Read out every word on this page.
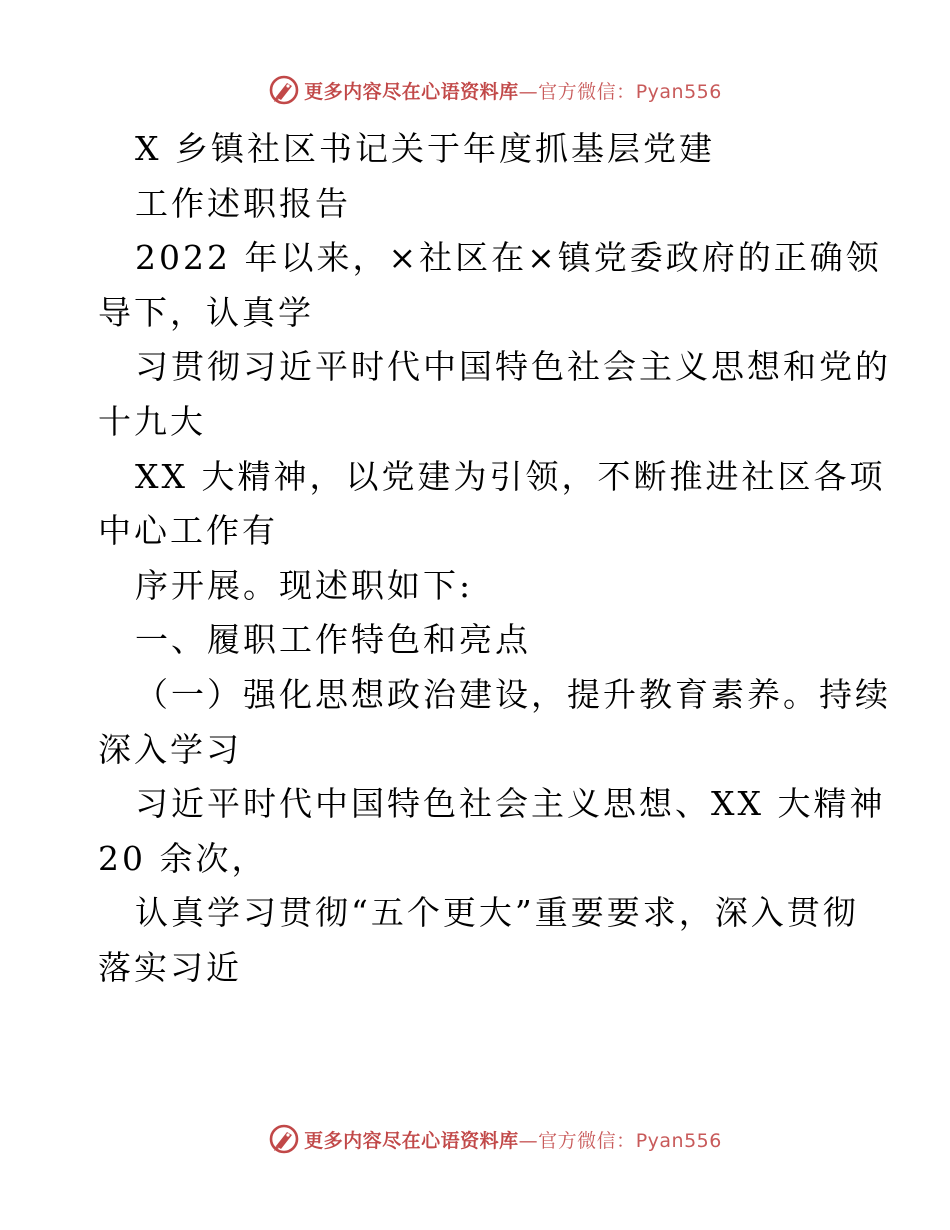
更多内容尽在心语资料库—官方微信：Pyan556
X 乡镇社区书记关于年度抓基层党建
工作述职报告
2022 年以来，×社区在×镇党委政府的正确领
导下，认真学
习贯彻习近平时代中国特色社会主义思想和党的
十九大
XX 大精神，以党建为引领，不断推进社区各项
中心工作有
序开展。现述职如下:
一、履职工作特色和亮点
（一）强化思想政治建设，提升教育素养。持续
深入学习
习近平时代中国特色社会主义思想、XX 大精神
20 余次，
认真学习贯彻“五个更大”重要要求，深入贯彻
落实习近
更多内容尽在心语资料库—官方微信：Pyan556
